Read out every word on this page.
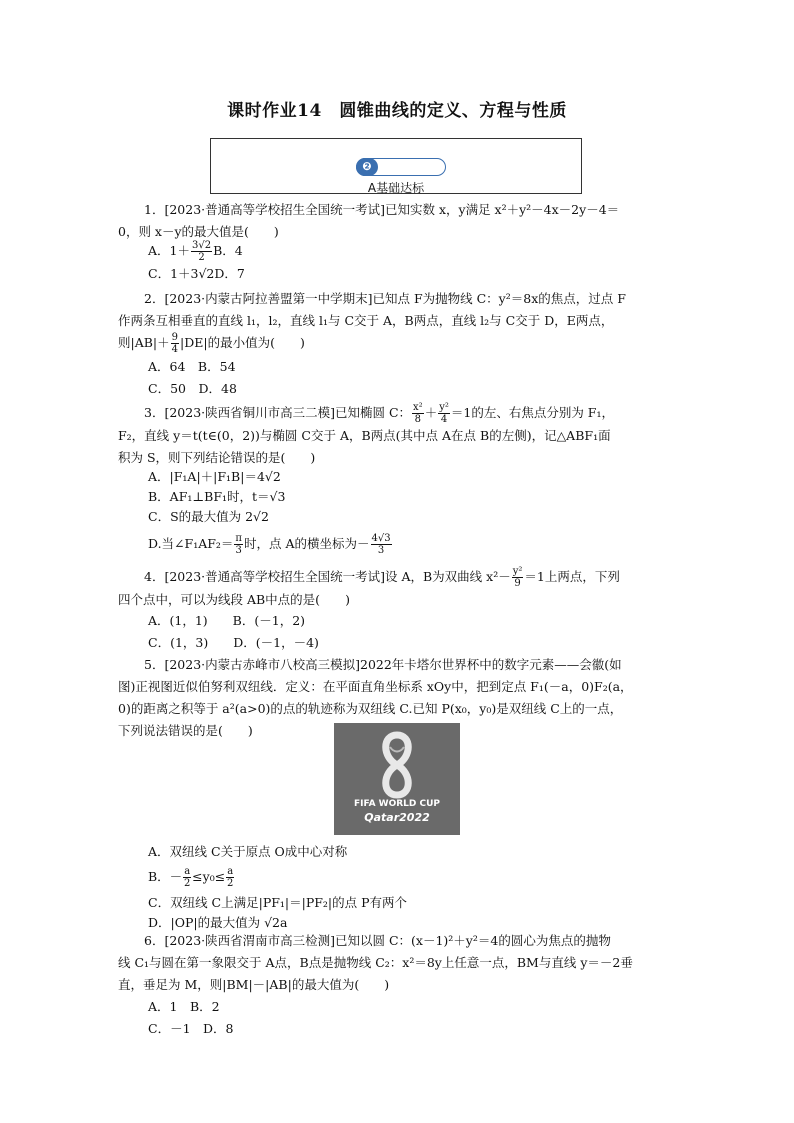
课时作业14　圆锥曲线的定义、方程与性质
❷
A基础达标
1．[2023·普通高等学校招生全国统一考试]已知实数 x，y满足 x²＋y²－4x－2y－4＝
0，则 x－y的最大值是(　　)
A．$1+ \frac{3√2}{2}$ B．4
C．1＋3√2D．7
2．[2023·内蒙古阿拉善盟第一中学期末]已知点 F为抛物线 C：y²＝8x的焦点，过点 F
作两条互相垂直的直线 l₁，l₂，直线 l₁与 C交于 A，B两点，直线 l₂与 C交于 D，E两点，
则$|AB|+ \frac{9}{4} |DE|$的最小值为(　　)
A．64　B．54
C．50　D．48
3．[2023·陕西省铜川市高三二模]已知椭圆 C： $\frac{\text{x²}}{8} + \frac{\text{y²}}{4} =1$的左、右焦点分别为 F₁，
F₂，直线 y＝t(t∈(0，2))与椭圆 C交于 A，B两点(其中点 A在点 B的左侧)，记△ABF₁面
积为 S，则下列结论错误的是(　　)
A．|F₁A|＋|F₁B|＝4√2
B．AF₁⊥BF₁时，t＝√3
C．S的最大值为 2√2
D.当∠F₁AF₂＝ $\frac{\pi}{3}$ 时，点 A的横坐标为－ $\frac{4√3}{3}$
4．[2023·普通高等学校招生全国统一考试]设 A，B为双曲线 $x^2- \frac{\text{y²}}{9} =1$上两点，下列
四个点中，可以为线段 AB中点的是(　　)
A．(1，1)　　B．(－1，2)
C．(1，3)　　D．(－1，－4)
5．[2023·内蒙古赤峰市八校高三模拟]2022年卡塔尔世界杯中的数字元素——会徽(如
图)正视图近似伯努利双纽线．定义：在平面直角坐标系 xOy中，把到定点 F₁(－a，0)F₂(a，
0)的距离之积等于 a²(a>0)的点的轨迹称为双纽线 C.已知 P(x₀，y₀)是双纽线 C上的一点，
下列说法错误的是(　　)
FIFA WORLD CUP
Qatar2022
A．双纽线 C关于原点 O成中心对称
B．－ $\frac{a}{2} \le y_0\le \frac{a}{2}$
C．双纽线 C上满足|PF₁|＝|PF₂|的点 P有两个
D．|OP|的最大值为 √2a
6．[2023·陕西省渭南市高三检测]已知以圆 C：(x－1)²＋y²＝4的圆心为焦点的抛物
线 C₁与圆在第一象限交于 A点，B点是抛物线 C₂：x²＝8y上任意一点，BM与直线 y＝－2垂
直，垂足为 M，则|BM|－|AB|的最大值为(　　)
A．1　B．2
C．－1　D．8
